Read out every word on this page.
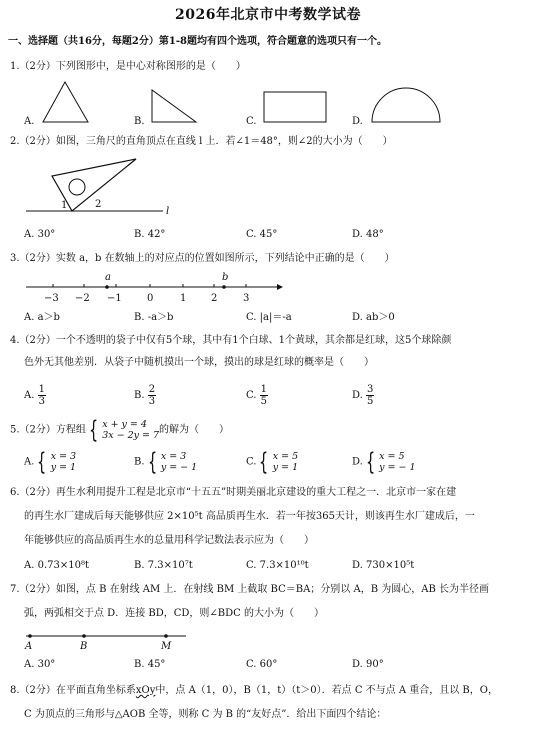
2026年北京市中考数学试卷
一、选择题（共16分，每题2分）第1-8题均有四个选项，符合题意的选项只有一个。
1.（2分）下列图形中，是中心对称图形的是（　　）
A.	B.	C.	D.
2.（2分）如图，三角尺的直角顶点在直线 l 上．若∠1＝48°，则∠2的大小为（　　）
1	2
l
A. 30°	B. 42°	C. 45°	D. 48°
3.（2分）实数 a，b 在数轴上的对应点的位置如图所示，下列结论中正确的是（　　）
a	b
−3 −2 −1	0	1 2	3
A. a＞b	B. -a＞b	C. |a|＝-a	D. ab＞0
4.（2分）一个不透明的袋子中仅有5个球，其中有1个白球、1个黄球，其余都是红球，这5个球除颜
色外无其他差别．从袋子中随机摸出一个球，摸出的球是红球的概率是（　　）
A. $\frac{1}{3}$	B. $\frac{2}{3}$	C. $\frac{1}{5}$	D. $\frac{3}{5}$
5.（2分）方程组 { x + y = 4
3x − 2y = 7 的解为（　　）
A. { x = 3
y = 1	B. { x = 3
y = − 1	C. { x = 5
y = 1	D. { x = 5
y = − 1
6.（2分）再生水利用提升工程是北京市“十五五”时期美丽北京建设的重大工程之一．北京市一家在建
的再生水厂建成后每天能够供应 2×10⁵t 高品质再生水．若一年按365天计，则该再生水厂建成后，一
年能够供应的高品质再生水的总量用科学记数法表示应为（　　）
A. 0.73×10⁸t	B. 7.3×10⁷t	C. 7.3×10¹⁰t	D. 730×10⁵t
7.（2分）如图，点 B 在射线 AM 上．在射线 BM 上截取 BC＝BA；分别以 A，B 为圆心，AB 长为半径画
弧，两弧相交于点 D．连接 BD，CD，则∠BDC 的大小为（　　）
A	B	M
A. 30°	B. 45°	C. 60°	D. 90°
8.（2分）在平面直角坐标系xOy中，点 A（1，0），B（1，t）（t＞0）．若点 C 不与点 A 重合，且以 B，O，
C 为顶点的三角形与△AOB 全等，则称 C 为 B 的“友好点”．给出下面四个结论：
